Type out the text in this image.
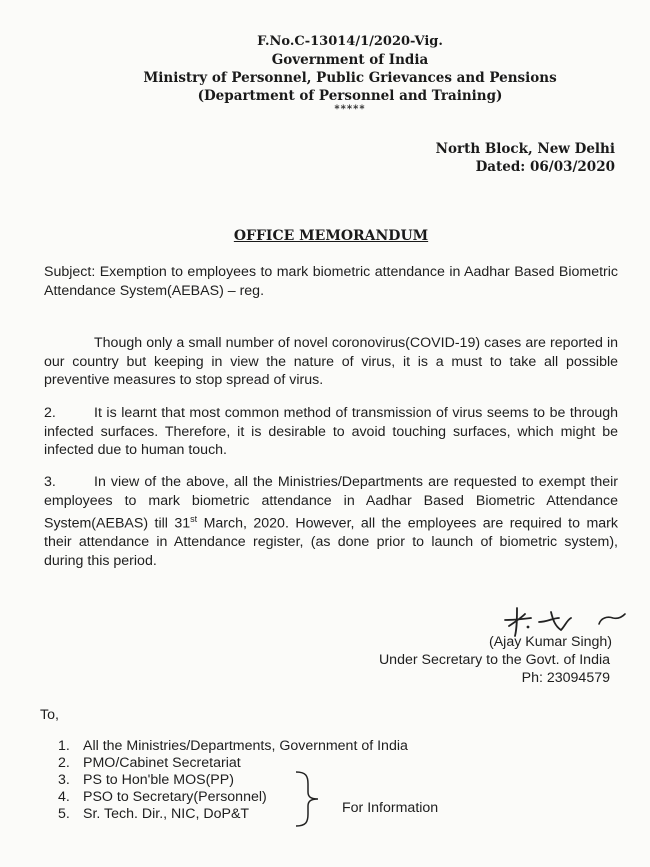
F.No.C-13014/1/2020-Vig.
Government of India
Ministry of Personnel, Public Grievances and Pensions
(Department of Personnel and Training)
*****
North Block, New Delhi
Dated: 06/03/2020
OFFICE MEMORANDUM
Subject: Exemption to employees to mark biometric attendance in Aadhar Based Biometric Attendance System(AEBAS) – reg.
Though only a small number of novel coronovirus(COVID-19) cases are reported in our country but keeping in view the nature of virus, it is a must to take all possible preventive measures to stop spread of virus.
2.	It is learnt that most common method of transmission of virus seems to be through infected surfaces. Therefore, it is desirable to avoid touching surfaces, which might be infected due to human touch.
3.	In view of the above, all the Ministries/Departments are requested to exempt their employees to mark biometric attendance in Aadhar Based Biometric Attendance System(AEBAS) till 31st March, 2020. However, all the employees are required to mark their attendance in Attendance register, (as done prior to launch of biometric system), during this period.
(Ajay Kumar Singh)
Under Secretary to the Govt. of India
Ph: 23094579
To,
1. All the Ministries/Departments, Government of India
2. PMO/Cabinet Secretariat
3. PS to Hon'ble MOS(PP)
4. PSO to Secretary(Personnel)
5. Sr. Tech. Dir., NIC, DoP&T	For Information
